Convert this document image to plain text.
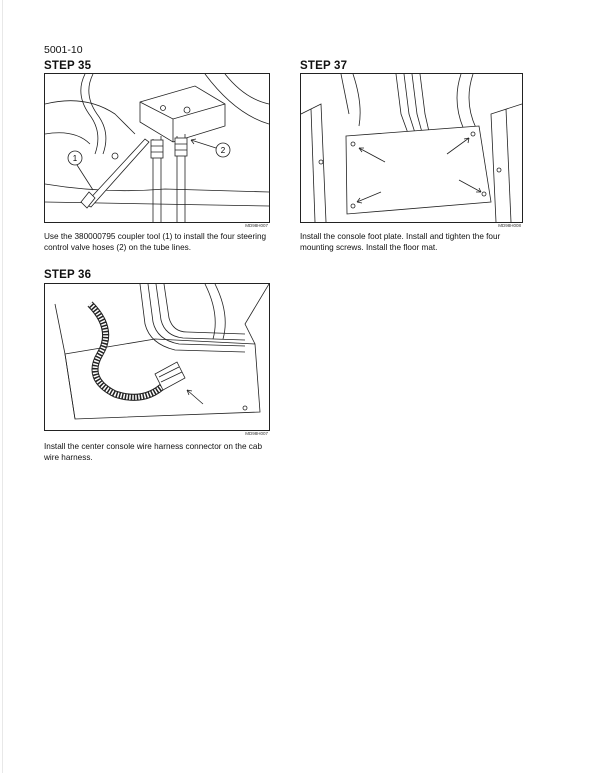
5001-10
STEP 35
1
2
MD98H007
Use the 380000795 coupler tool (1) to install the four steering control valve hoses (2) on the tube lines.
STEP 36
MD98H007
Install the center console wire harness connector on the cab wire harness.
STEP 37
MD98H008
Install the console foot plate. Install and tighten the four mounting screws. Install the floor mat.
